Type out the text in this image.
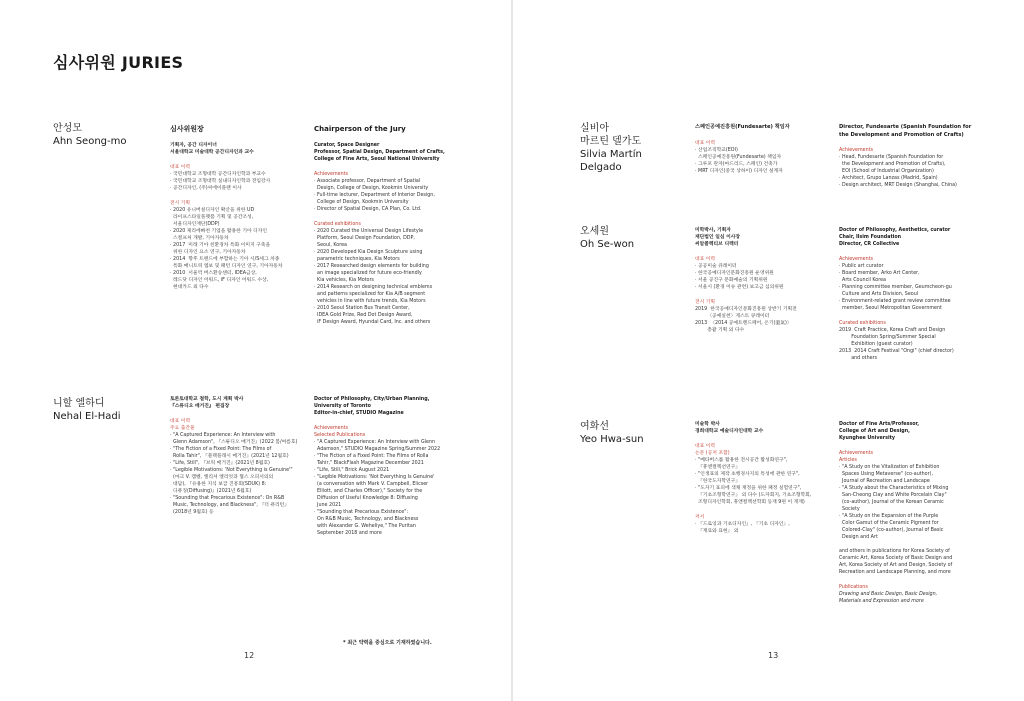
심사위원 JURIES
안성모
Ahn Seong-mo
심사위원장
기획자, 공간 디자이너
서울대학교 미술대학 공간디자인과 교수
대표 이력
· 국민대학교 조형대학 공간디자인학과 부교수
· 국민대학교 조형대학 실내디자인학과 전임강사
· 공간디자인, (주)씨에이플랜 이사
전시 기획
· 2020 유니버설디자인 확산을 위한 UD
라이프스타일플랫폼 기획 및 공간조성,
서울디자인재단(DDP)
· 2020 제리에빠천 기업을 활용한 기아 디자인
스컬프처 개발, 기아자동차
· 2017  미래 기아 친환경차 특화 이미지 구축을
위한 디자인 요소 연구, 기아자동차
· 2014  향후 트랜드에 부합하는 기아 시/S세그 차종
특화 매니트릭 엠보 및 패턴 디자인 연구, 기아자동차
· 2010  서울역 버스환승센터, IDEA금상,
레드닷 디자인 어워드, iF 디자인 어워드 수상,
현대카드 외 다수
Chairperson of the Jury
Curator, Space Designer
Professor, Spatial Design, Department of Crafts,
College of Fine Arts, Seoul National University
Achievements
· Associate professor, Department of Spatial
Design, College of Design, Kookmin University
· Full-time lecturer, Department of Interior Design,
College of Design, Kookmin University
· Director of Spatial Design, CA Plan, Co. Ltd.
Curated exhibitions
· 2020 Curated the Universal Design Lifestyle
Platform, Seoul Design Foundation, DDP,
Seoul, Korea
· 2020 Developed Kia Design Sculpture using
parametric techniques, Kia Motors
· 2017 Researched design elements for building
an image specialized for future eco-friendly
Kia vehicles, Kia Motors
· 2014 Research on designing technical emblems
and patterns specialized for Kia A/B segment
vehicles in line with future trends, Kia Motors
· 2010 Seoul Station Bus Transit Center,
IDEA Gold Prize, Red Dot Design Award,
iF Design Award, Hyundai Card, Inc. and others
니할 엘하디
Nehal El-Hadi
토론토대학교 철학, 도시 계획 박사
『스튜디오 매거진』 편집장
대표 이력
주요 출간물
· "A Captured Experience: An Interview with
Glenn Adamson", 『스튜디오 매거진』(2022 봄/여름호)
· "The Fiction of a Fixed Point: The Films of
Rolla Tahir", 『블랙플래시 매거진』(2021년 12월호)
· "Life, Still", 『브릭 매거진』(2021년 8월호)
· "Legible Motivations: 'Not Everything is Genuine'"
(마크 V. 캠벨, 엘리셔 엘리엇과 협스 오피서의의
대담), 『유용한 지식 보급 진흥회(SDUK) 8:
디퓨징(Diffusing)』(2021년 6월호)
· "Sounding that Precarious Existence": On R&B
Music, Technology, and Blackness", 『더 퓨리턴』
(2018년 9월호) 등
Doctor of Philosophy, City/Urban Planning,
University of Toronto
Editor-in-chief, STUDIO Magazine
Achievements
Selected Publications
· "A Captured Experience: An Interview with Glenn
Adamson," STUDIO Magazine Spring/Summer 2022
· "The Fiction of a Fixed Point: The Films of Rolla
Tahir," BlackFlash Magazine December 2021
· "Life, Still," Brick August 2021
· "Legible Motivations: 'Not Everything Is Genuine'
(a conversation with Mark V. Campbell, Elicser
Elliott, and Charles Officer)," Society for the
Diffusion of Useful Knowledge 8: Diffusing
June 2021
· "Sounding that Precarious Existence":
On R&B Music, Technology, and Blackness
with Alexander G. Weheliye," The Puritan
September 2018 and more
* 최근 약력을 중심으로 기재하였습니다.
12
실비아
마르틴 델가도
Silvia Martín
Delgado
스페인공예진흥원(Fundesarte) 책임자
대표 이력
· 산업조직학교(EOI)
스페인공예진흥원(Fundesarte) 책임자
· 그루포 란자(마드리드, 스페인) 건축가
· MRT 디자인(중국 상하이) 디자인 설계자
Director, Fundesarte (Spanish Foundation for
the Development and Promotion of Crafts)
Achievements
· Head, Fundesarte (Spanish Foundation for
the Development and Promotion of Crafts),
EOI (School of Industrial Organization)
· Architect, Grupo Lanzas (Madrid, Spain)
· Design architect, MRT Design (Shanghai, China)
오세원
Oh Se-won
미학박사, 기획자
재단법인 일심 이사장
씨알콜렉티브 디렉터
대표 이력
· 공공미술 큐레이터
· 한국공예디자인문화진흥원 운영위원
· 서울 공진구 문화예술의 기획위원
· 서울시 (환경 이슈 관련) 보고금 심의위원
전시 기획
2019  한국공예디자인문화진흥원 상반기 기획전
〈공예실천〉게스트 큐레이터
2013  〈2014 공예트렌드페어, 온기(溫氣)〉
총괄 기획 외 다수
Doctor of Philosophy, Aesthetics, curator
Chair, Ilsim Foundation
Director, CR Collective
Achievements
· Public art curator
· Board member, Arko Art Center,
Arts Council Korea
· Planning committee member, Geumcheon-gu
Culture and Arts Division, Seoul
· Environment-related grant review committee
member, Seoul Metropolitan Government
Curated exhibitions
2019  Craft Practice, Korea Craft and Design
Foundation Spring/Summer Special
Exhibition (guest curator)
2013  2014 Craft Festival "Ongi" (chief director)
and others
여화선
Yeo Hwa-sun
미술학 박사
경희대학교 예술디자인대학 교수
대표 이력
논문 (공저 포함)
· "메타버스를 활용한 전시공간 활성화연구",
『휴앤컬렉션연구』
· "인생표의 제작 초행경사지의 특성에 관한 연구",
『한국도자학연구』
· "도자기 표피에 색채 재정을 위한 패정 실험연구",
『기초조형학연구』 외 다수 (도자회지, 기초조형학회,
조형디자인학회, 휴앤컬렉션학회 등재 9편 이 게재)
저서
· 『드로잉과 기초디자인』, 『기초 디자인』,
『재료와 표현』 외
Doctor of Fine Arts/Professor,
College of Art and Design,
Kyunghee University
Achievements
Articles
· "A Study on the Vitalization of Exhibition
Spaces Using Metaverse" (co-author),
Journal of Recreation and Landscape
· "A Study about the Characteristics of Mixing
San-Cheong Clay and White Porcelain Clay"
(co-author), Journal of the Korean Ceramic
Society
· "A Study on the Expansion of the Purple
Color Gamut of the Ceramic Pigment for
Colored-Clay" (co-author), Journal of Basic
Design and Art

and others in publications for Korea Society of
Ceramic Art, Korea Society of Basic Design and
Art, Korea Society of Art and Design, Society of
Recreation and Landscape Planning, and more
Publications
Drawing and Basic Design, Basic Design,
Materials and Expression and more
13
